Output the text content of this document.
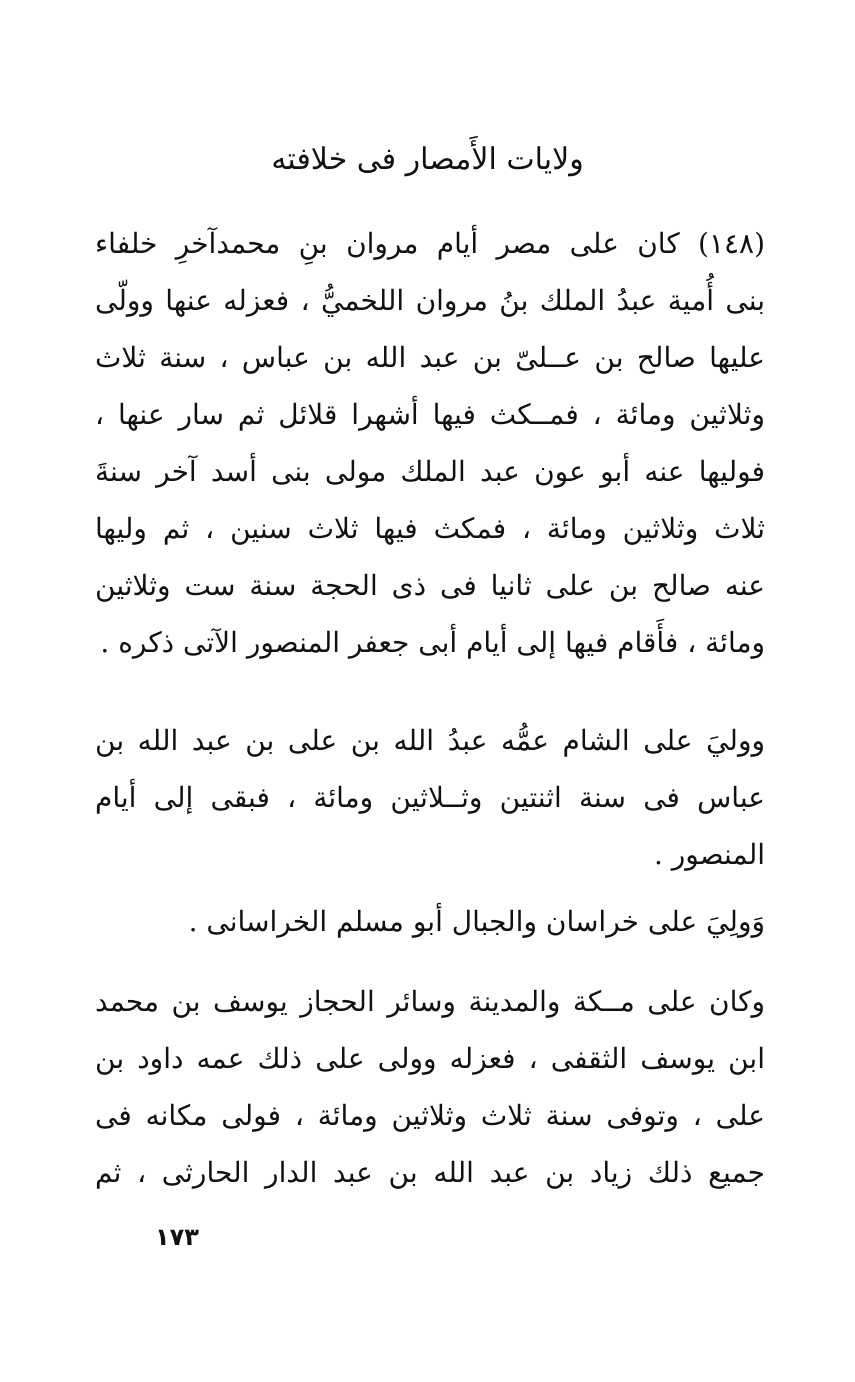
ولايات الأَمصار فى خلافته
(١٤٨) كان على مصر أيام مروان بنِ محمدآخرِ خلفاء
بنى أُمية عبدُ الملك بنُ مروان اللخميُّ ، فعزله عنها وولّى
عليها صالح بن عــلىّ بن عبد الله بن عباس ، سنة ثلاث
وثلاثين ومائة ، فمــكث فيها أشهرا قلائل ثم سار عنها ،
فوليها عنه أبو عون عبد الملك مولى بنى أسد آخر سنةَ
ثلاث وثلاثين ومائة ، فمكث فيها ثلاث سنين ، ثم وليها
عنه صالح بن على ثانيا فى ذى الحجة سنة ست وثلاثين
ومائة ، فأَقام فيها إلى أيام أبى جعفر المنصور الآتى ذكره .
ووليَ على الشام عمُّه عبدُ الله بن على بن عبد الله بن
عباس فى سنة اثنتين وثــلاثين ومائة ، فبقى إلى أيام
المنصور .
وَولِيَ على خراسان والجبال أبو مسلم الخراسانى .
وكان على مــكة والمدينة وسائر الحجاز يوسف بن محمد
ابن يوسف الثقفى ، فعزله وولى على ذلك عمه داود بن
على ، وتوفى سنة ثلاث وثلاثين ومائة ، فولى مكانه فى
جميع ذلك زياد بن عبد الله بن عبد الدار الحارثى ، ثم
١٧٣
